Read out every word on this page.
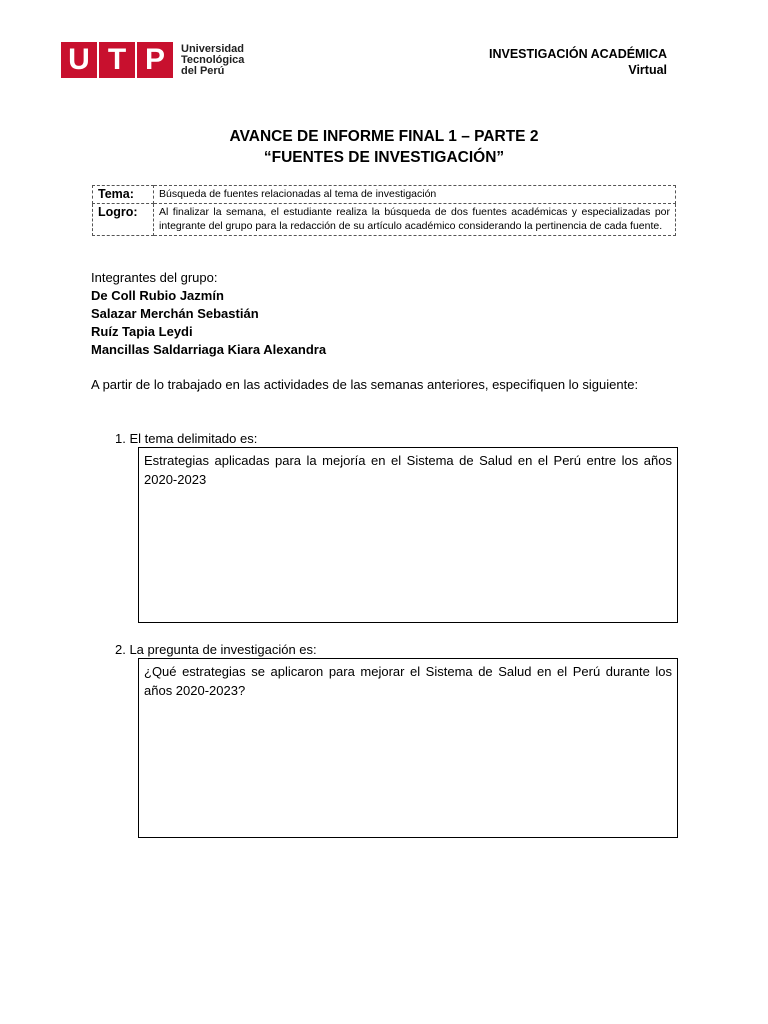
U T P	Universidad
Tecnológica
del Perú
INVESTIGACIÓN ACADÉMICA
Virtual
AVANCE DE INFORME FINAL 1 – PARTE 2
“FUENTES DE INVESTIGACIÓN”
Tema:	Búsqueda de fuentes relacionadas al tema de investigación
Logro:	Al finalizar la semana, el estudiante realiza la búsqueda de dos fuentes académicas y especializadas por integrante del grupo para la redacción de su artículo académico considerando la pertinencia de cada fuente.
Integrantes del grupo:
De Coll Rubio Jazmín
Salazar Merchán Sebastián
Ruíz Tapia Leydi
Mancillas Saldarriaga Kiara Alexandra
A partir de lo trabajado en las actividades de las semanas anteriores, especifiquen lo siguiente:
1. El tema delimitado es:
Estrategias aplicadas para la mejoría en el Sistema de Salud en el Perú entre los años 2020-2023
2. La pregunta de investigación es:
¿Qué estrategias se aplicaron para mejorar el Sistema de Salud en el Perú durante los años 2020-2023?
